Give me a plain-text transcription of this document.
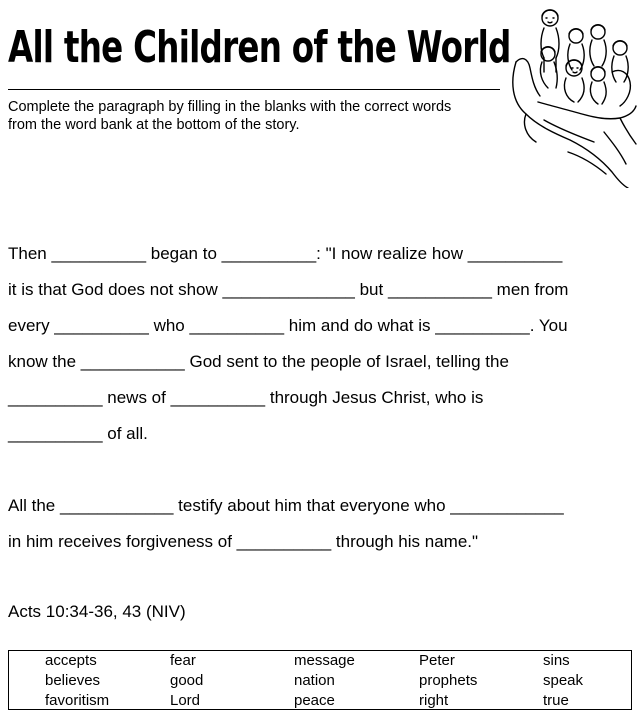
All the Children of the World

Complete the paragraph by filling in the blanks with the correct words
from the word bank at the bottom of the story.

Then __________ began to __________: "I now realize how __________
it is that God does not show ______________ but ___________ men from
every __________ who __________ him and do what is __________. You
know the ___________ God sent to the people of Israel, telling the
__________ news of __________ through Jesus Christ, who is
__________ of all.
All the ____________ testify about him that everyone who ____________
in him receives forgiveness of __________ through his name."

Acts 10:34-36, 43 (NIV)

accepts
believes
favoritism
fear
good
Lord
message
nation
peace
Peter
prophets
right
sins
speak
true
